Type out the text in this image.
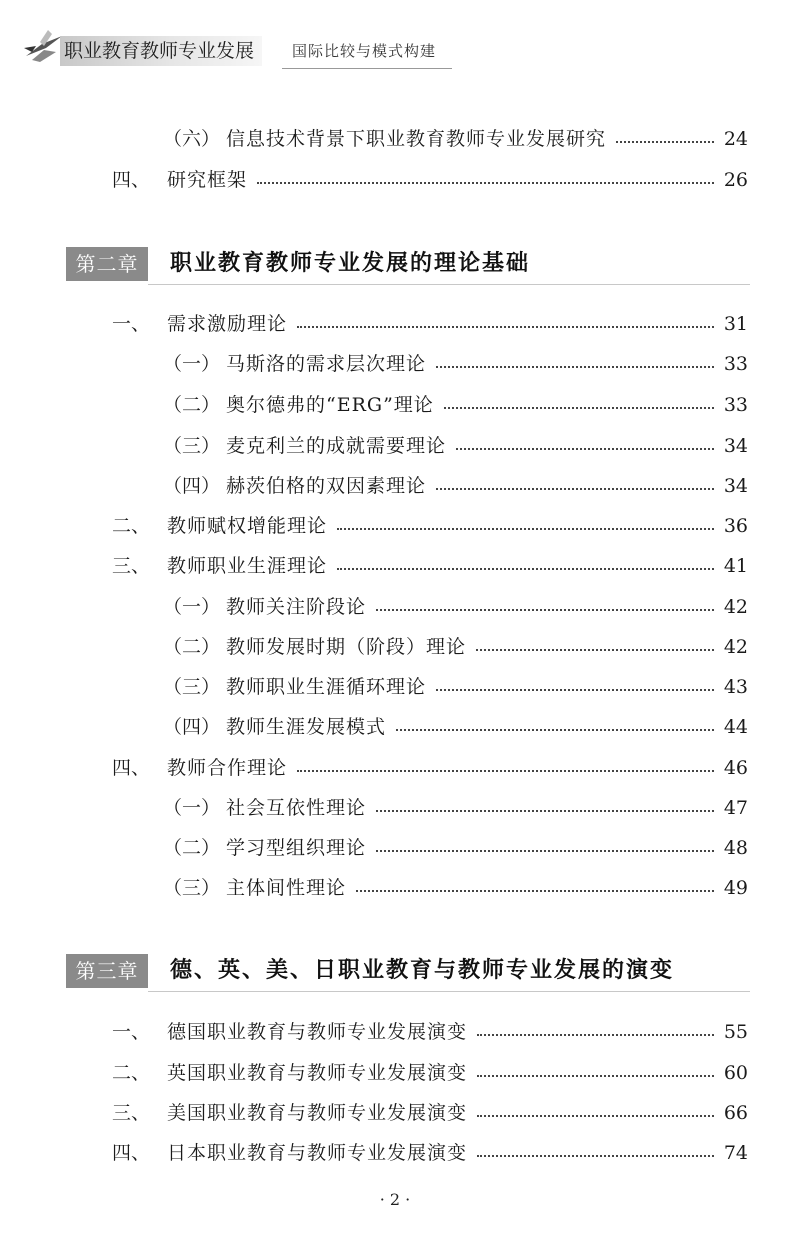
职业教育教师专业发展	国际比较与模式构建
（六） 信息技术背景下职业教育教师专业发展研究	24
四、 研究框架	26
第二章	职业教育教师专业发展的理论基础
一、 需求激励理论	31
（一） 马斯洛的需求层次理论	33
（二） 奥尔德弗的“ERG”理论	33
（三） 麦克利兰的成就需要理论	34
（四） 赫茨伯格的双因素理论	34
二、 教师赋权增能理论	36
三、 教师职业生涯理论	41
（一） 教师关注阶段论	42
（二） 教师发展时期（阶段）理论	42
（三） 教师职业生涯循环理论	43
（四） 教师生涯发展模式	44
四、 教师合作理论	46
（一） 社会互依性理论	47
（二） 学习型组织理论	48
（三） 主体间性理论	49
第三章	德、英、美、日职业教育与教师专业发展的演变
一、 德国职业教育与教师专业发展演变	55
二、 英国职业教育与教师专业发展演变	60
三、 美国职业教育与教师专业发展演变	66
四、 日本职业教育与教师专业发展演变	74
· 2 ·
